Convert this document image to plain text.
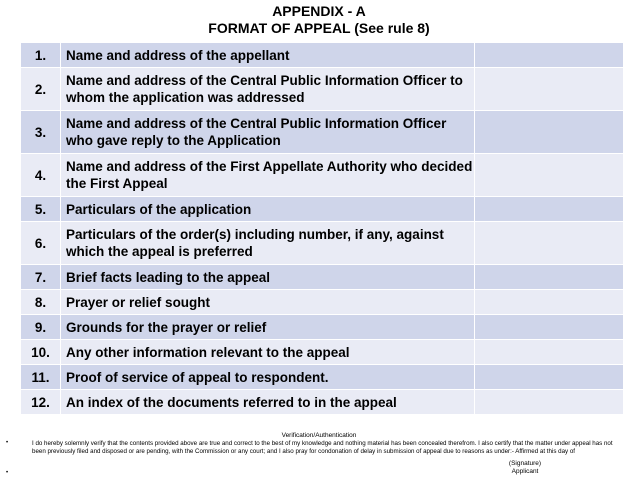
APPENDIX - A
FORMAT OF APPEAL (See rule 8)
1.	Name and address of the appellant	
2.	Name and address of the Central Public Information Officer to whom the application was addressed	
3.	Name and address of the Central Public Information Officer who gave reply to the Application	
4.	Name and address of the First Appellate Authority who decided the First Appeal	
5.	Particulars of the application	
6.	Particulars of the order(s) including number, if any, against which the appeal is preferred	
7.	Brief facts leading to the appeal	
8.	Prayer or relief sought	
9.	Grounds for the prayer or relief	
10.	Any other information relevant to the appeal	
11.	Proof of service of appeal to respondent.	
12.	An index of the documents referred to in the appeal	
Verification/Authentication
•	I do hereby solemnly verify that the contents provided above are true and correct to the best of my knowledge and nothing material has been concealed therefrom. I also certify that the matter under appeal has not been previously filed and disposed or are pending, with the Commission or any court; and I also pray for condonation of delay in submission of appeal due to reasons as under:- Affirmed at this day of
•
(Signature)
Applicant
